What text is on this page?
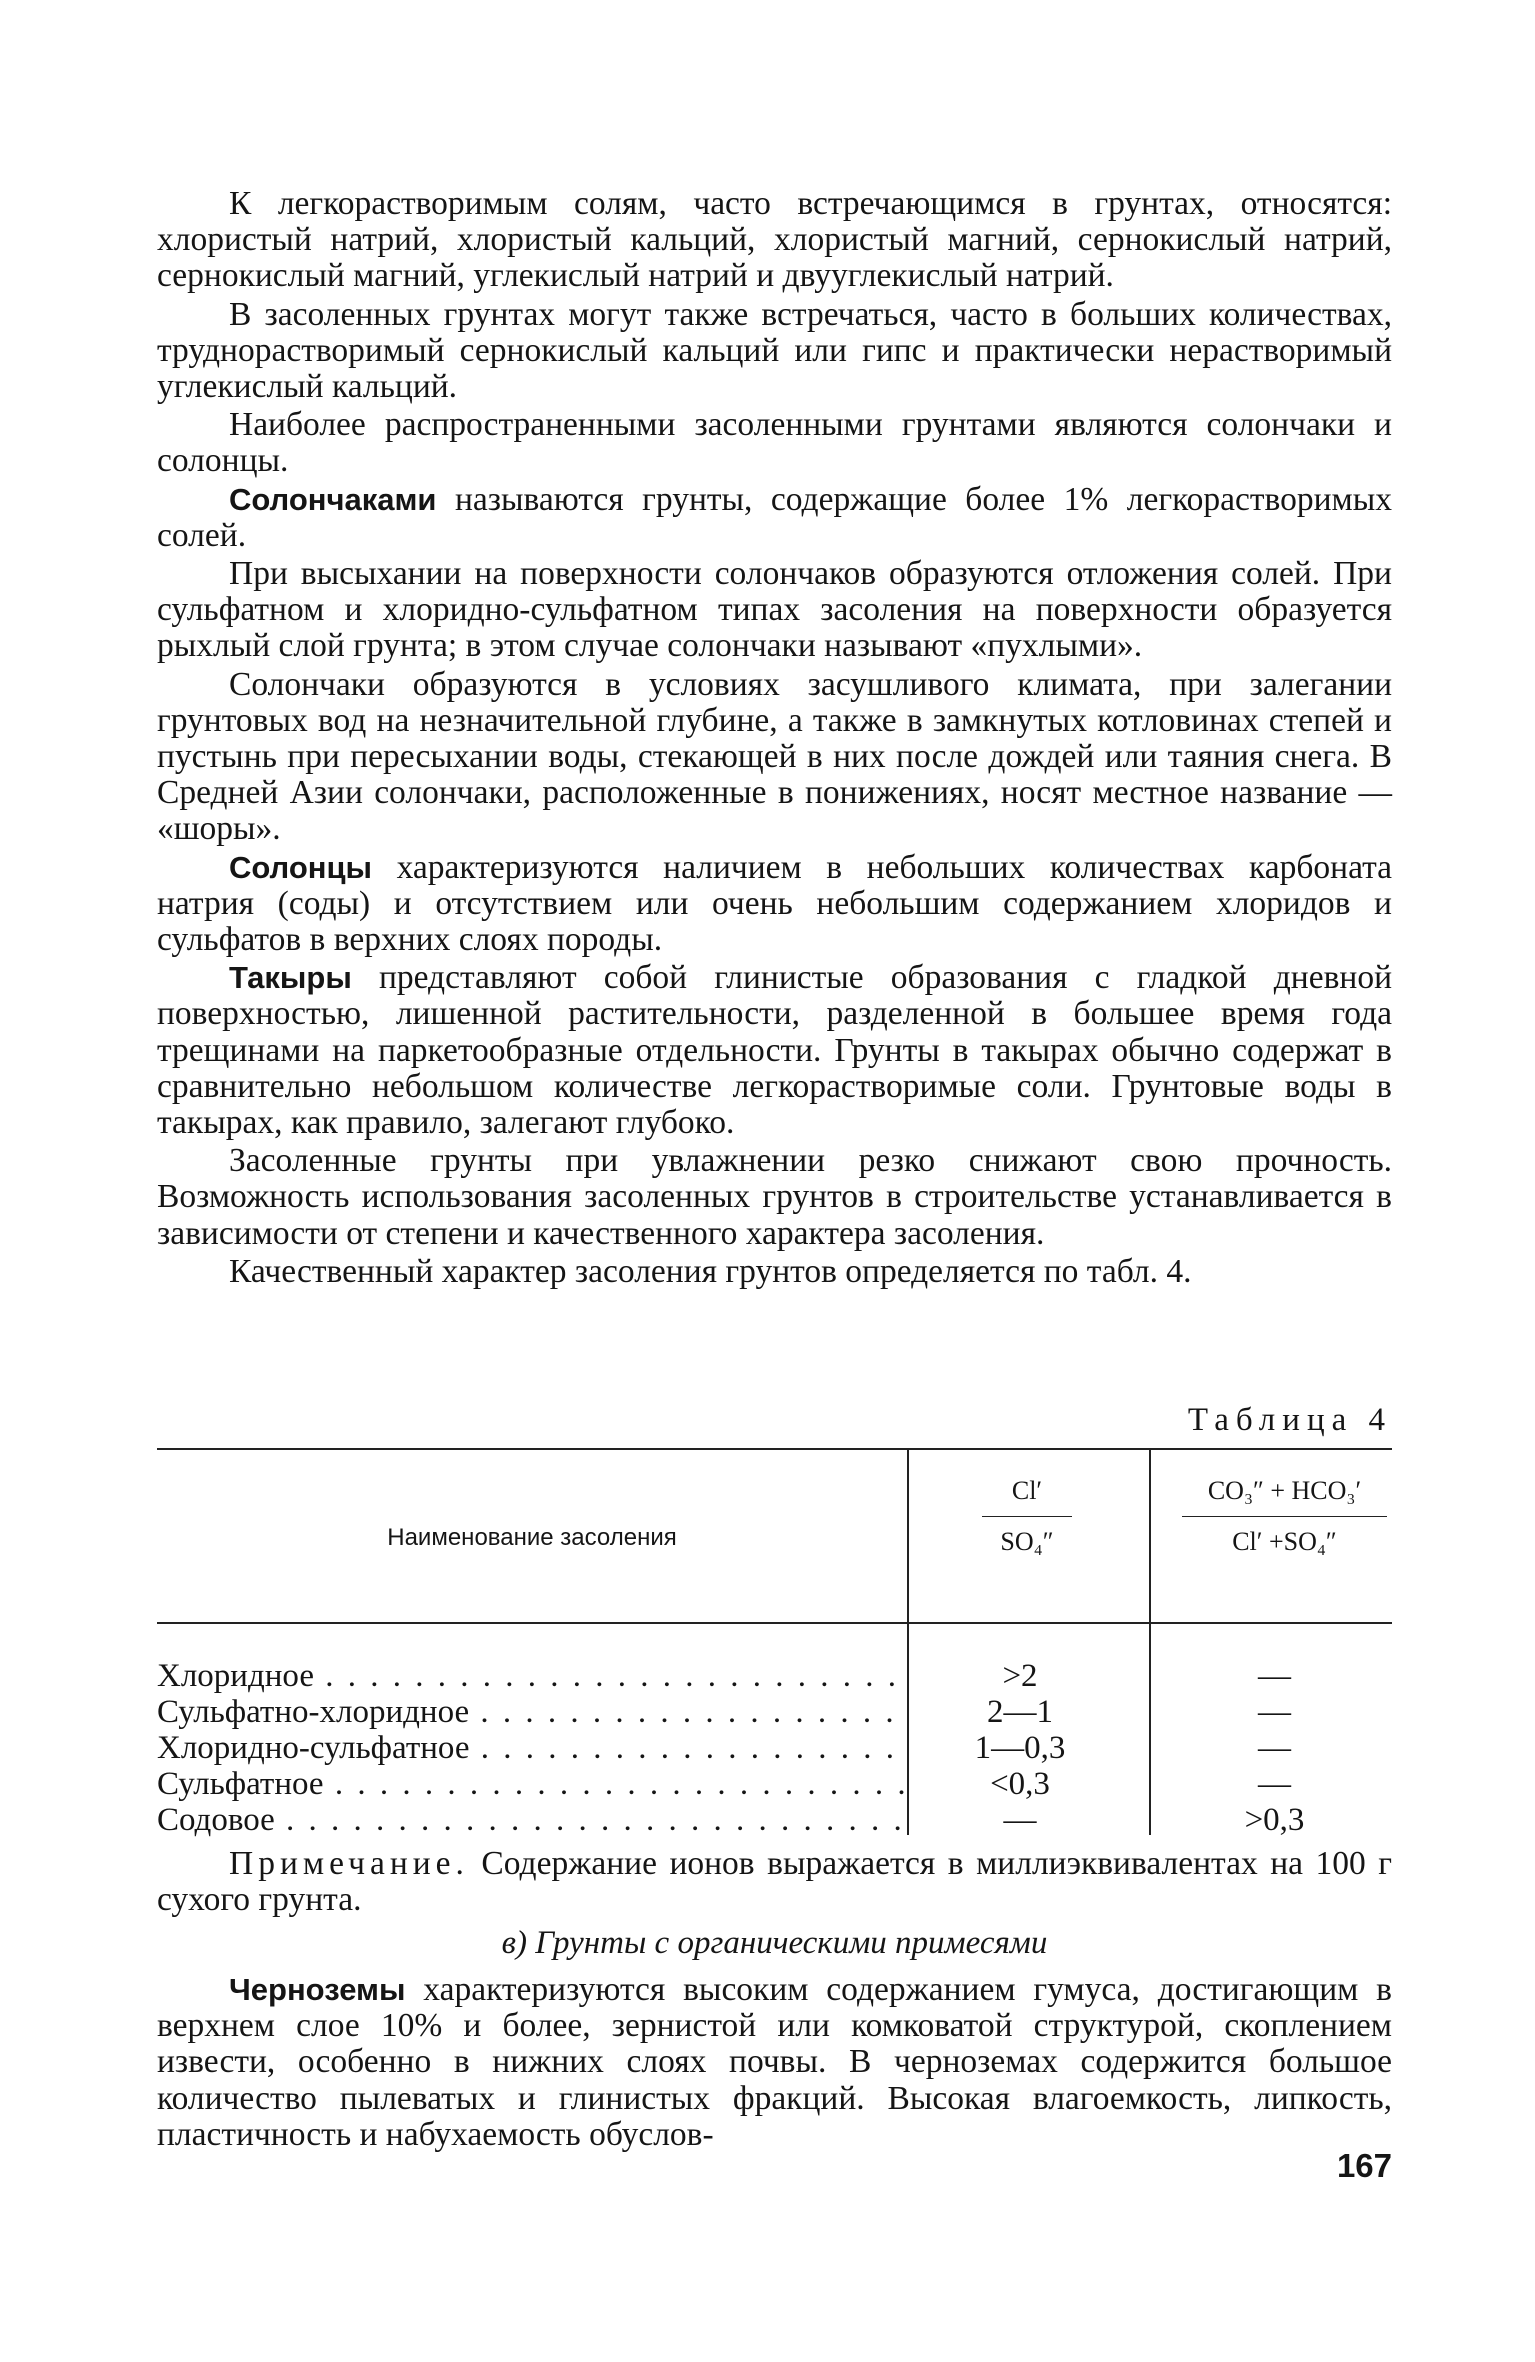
К легкорастворимым солям, часто встречающимся в грунтах, относятся: хлористый натрий, хлористый кальций, хлористый магний, сернокислый натрий, сернокислый магний, углекислый натрий и двууглекислый натрий.

В засоленных грунтах могут также встречаться, часто в больших количествах, труднорастворимый сернокислый кальций или гипс и практически нерастворимый углекислый кальций.

Наиболее распространенными засоленными грунтами являются солончаки и солонцы.

Солончаками называются грунты, содержащие более 1% легкорастворимых солей.

При высыхании на поверхности солончаков образуются отложения солей. При сульфатном и хлоридно-сульфатном типах засоления на поверхности образуется рыхлый слой грунта; в этом случае солончаки называют «пухлыми».

Солончаки образуются в условиях засушливого климата, при залегании грунтовых вод на незначительной глубине, а также в замкнутых котловинах степей и пустынь при пересыхании воды, стекающей в них после дождей или таяния снега. В Средней Азии солончаки, расположенные в понижениях, носят местное название — «шоры».

Солонцы характеризуются наличием в небольших количествах карбоната натрия (соды) и отсутствием или очень небольшим содержанием хлоридов и сульфатов в верхних слоях породы.

Такыры представляют собой глинистые образования с гладкой дневной поверхностью, лишенной растительности, разделенной в большее время года трещинами на паркетообразные отдельности. Грунты в такырах обычно содержат в сравнительно небольшом количестве легкорастворимые соли. Грунтовые воды в такырах, как правило, залегают глубоко.

Засоленные грунты при увлажнении резко снижают свою прочность. Возможность использования засоленных грунтов в строительстве устанавливается в зависимости от степени и качественного характера засоления.

Качественный характер засоления грунтов определяется по табл. 4.

Таблица 4
Наименование засоления	$\frac{Cl'}{\text{SO₄″}}$	CO₃″ + HCO₃′
Cl′ +SO₄″
Хлоридное . . .	>2	—
Сульфатно-хлоридное . . .	2—1	—
Хлоридно-сульфатное . . .	1—0,3	—
Сульфатное . . .	<0,3	—
Содовое . . .	—	>0,3

Примечание. Содержание ионов выражается в миллиэквивалентах на 100 г сухого грунта.

в) Грунты с органическими примесями

Черноземы характеризуются высоким содержанием гумуса, достигающим в верхнем слое 10% и более, зернистой или комковатой структурой, скоплением извести, особенно в нижних слоях почвы. В черноземах содержится большое количество пылеватых и глинистых фракций. Высокая влагоемкость, липкость, пластичность и набухаемость обуслов-

167
